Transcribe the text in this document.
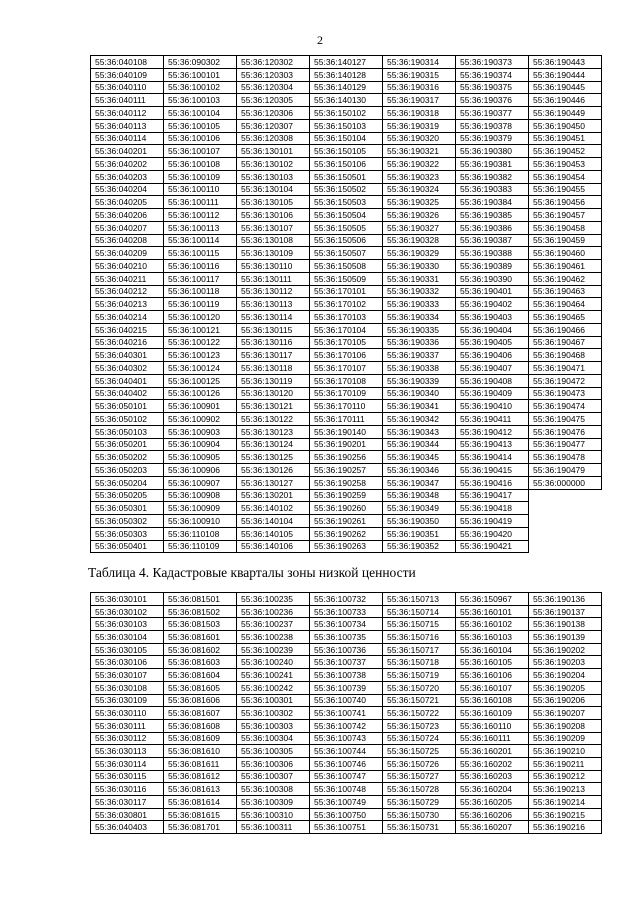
2
55:36:040108	55:36:090302	55:36:120302	55:36:140127	55:36:190314	55:36:190373	55:36:190443
55:36:040109	55:36:100101	55:36:120303	55:36:140128	55:36:190315	55:36:190374	55:36:190444
55:36:040110	55:36:100102	55:36:120304	55:36:140129	55:36:190316	55:36:190375	55:36:190445
55:36:040111	55:36:100103	55:36:120305	55:36:140130	55:36:190317	55:36:190376	55:36:190446
55:36:040112	55:36:100104	55:36:120306	55:36:150102	55:36:190318	55:36:190377	55:36:190449
55:36:040113	55:36:100105	55:36:120307	55:36:150103	55:36:190319	55:36:190378	55:36:190450
55:36:040114	55:36:100106	55:36:120308	55:36:150104	55:36:190320	55:36:190379	55:36:190451
55:36:040201	55:36:100107	55:36:130101	55:36:150105	55:36:190321	55:36:190380	55:36:190452
55:36:040202	55:36:100108	55:36:130102	55:36:150106	55:36:190322	55:36:190381	55:36:190453
55:36:040203	55:36:100109	55:36:130103	55:36:150501	55:36:190323	55:36:190382	55:36:190454
55:36:040204	55:36:100110	55:36:130104	55:36:150502	55:36:190324	55:36:190383	55:36:190455
55:36:040205	55:36:100111	55:36:130105	55:36:150503	55:36:190325	55:36:190384	55:36:190456
55:36:040206	55:36:100112	55:36:130106	55:36:150504	55:36:190326	55:36:190385	55:36:190457
55:36:040207	55:36:100113	55:36:130107	55:36:150505	55:36:190327	55:36:190386	55:36:190458
55:36:040208	55:36:100114	55:36:130108	55:36:150506	55:36:190328	55:36:190387	55:36:190459
55:36:040209	55:36:100115	55:36:130109	55:36:150507	55:36:190329	55:36:190388	55:36:190460
55:36:040210	55:36:100116	55:36:130110	55:36:150508	55:36:190330	55:36:190389	55:36:190461
55:36:040211	55:36:100117	55:36:130111	55:36:150509	55:36:190331	55:36:190390	55:36:190462
55:36:040212	55:36:100118	55:36:130112	55:36:170101	55:36:190332	55:36:190401	55:36:190463
55:36:040213	55:36:100119	55:36:130113	55:36:170102	55:36:190333	55:36:190402	55:36:190464
55:36:040214	55:36:100120	55:36:130114	55:36:170103	55:36:190334	55:36:190403	55:36:190465
55:36:040215	55:36:100121	55:36:130115	55:36:170104	55:36:190335	55:36:190404	55:36:190466
55:36:040216	55:36:100122	55:36:130116	55:36:170105	55:36:190336	55:36:190405	55:36:190467
55:36:040301	55:36:100123	55:36:130117	55:36:170106	55:36:190337	55:36:190406	55:36:190468
55:36:040302	55:36:100124	55:36:130118	55:36:170107	55:36:190338	55:36:190407	55:36:190471
55:36:040401	55:36:100125	55:36:130119	55:36:170108	55:36:190339	55:36:190408	55:36:190472
55:36:040402	55:36:100126	55:36:130120	55:36:170109	55:36:190340	55:36:190409	55:36:190473
55:36:050101	55:36:100901	55:36:130121	55:36:170110	55:36:190341	55:36:190410	55:36:190474
55:36:050102	55:36:100902	55:36:130122	55:36:170111	55:36:190342	55:36:190411	55:36:190475
55:36:050103	55:36:100903	55:36:130123	55:36:190140	55:36:190343	55:36:190412	55:36:190476
55:36:050201	55:36:100904	55:36:130124	55:36:190201	55:36:190344	55:36:190413	55:36:190477
55:36:050202	55:36:100905	55:36:130125	55:36:190256	55:36:190345	55:36:190414	55:36:190478
55:36:050203	55:36:100906	55:36:130126	55:36:190257	55:36:190346	55:36:190415	55:36:190479
55:36:050204	55:36:100907	55:36:130127	55:36:190258	55:36:190347	55:36:190416	55:36:000000
55:36:050205	55:36:100908	55:36:130201	55:36:190259	55:36:190348	55:36:190417	
55:36:050301	55:36:100909	55:36:140102	55:36:190260	55:36:190349	55:36:190418	
55:36:050302	55:36:100910	55:36:140104	55:36:190261	55:36:190350	55:36:190419	
55:36:050303	55:36:110108	55:36:140105	55:36:190262	55:36:190351	55:36:190420	
55:36:050401	55:36:110109	55:36:140106	55:36:190263	55:36:190352	55:36:190421	
Таблица 4. Кадастровые кварталы зоны низкой ценности
55:36:030101	55:36:081501	55:36:100235	55:36:100732	55:36:150713	55:36:150967	55:36:190136
55:36:030102	55:36:081502	55:36:100236	55:36:100733	55:36:150714	55:36:160101	55:36:190137
55:36:030103	55:36:081503	55:36:100237	55:36:100734	55:36:150715	55:36:160102	55:36:190138
55:36:030104	55:36:081601	55:36:100238	55:36:100735	55:36:150716	55:36:160103	55:36:190139
55:36:030105	55:36:081602	55:36:100239	55:36:100736	55:36:150717	55:36:160104	55:36:190202
55:36:030106	55:36:081603	55:36:100240	55:36:100737	55:36:150718	55:36:160105	55:36:190203
55:36:030107	55:36:081604	55:36:100241	55:36:100738	55:36:150719	55:36:160106	55:36:190204
55:36:030108	55:36:081605	55:36:100242	55:36:100739	55:36:150720	55:36:160107	55:36:190205
55:36:030109	55:36:081606	55:36:100301	55:36:100740	55:36:150721	55:36:160108	55:36:190206
55:36:030110	55:36:081607	55:36:100302	55:36:100741	55:36:150722	55:36:160109	55:36:190207
55:36:030111	55:36:081608	55:36:100303	55:36:100742	55:36:150723	55:36:160110	55:36:190208
55:36:030112	55:36:081609	55:36:100304	55:36:100743	55:36:150724	55:36:160111	55:36:190209
55:36:030113	55:36:081610	55:36:100305	55:36:100744	55:36:150725	55:36:160201	55:36:190210
55:36:030114	55:36:081611	55:36:100306	55:36:100746	55:36:150726	55:36:160202	55:36:190211
55:36:030115	55:36:081612	55:36:100307	55:36:100747	55:36:150727	55:36:160203	55:36:190212
55:36:030116	55:36:081613	55:36:100308	55:36:100748	55:36:150728	55:36:160204	55:36:190213
55:36:030117	55:36:081614	55:36:100309	55:36:100749	55:36:150729	55:36:160205	55:36:190214
55:36:030801	55:36:081615	55:36:100310	55:36:100750	55:36:150730	55:36:160206	55:36:190215
55:36:040403	55:36:081701	55:36:100311	55:36:100751	55:36:150731	55:36:160207	55:36:190216
